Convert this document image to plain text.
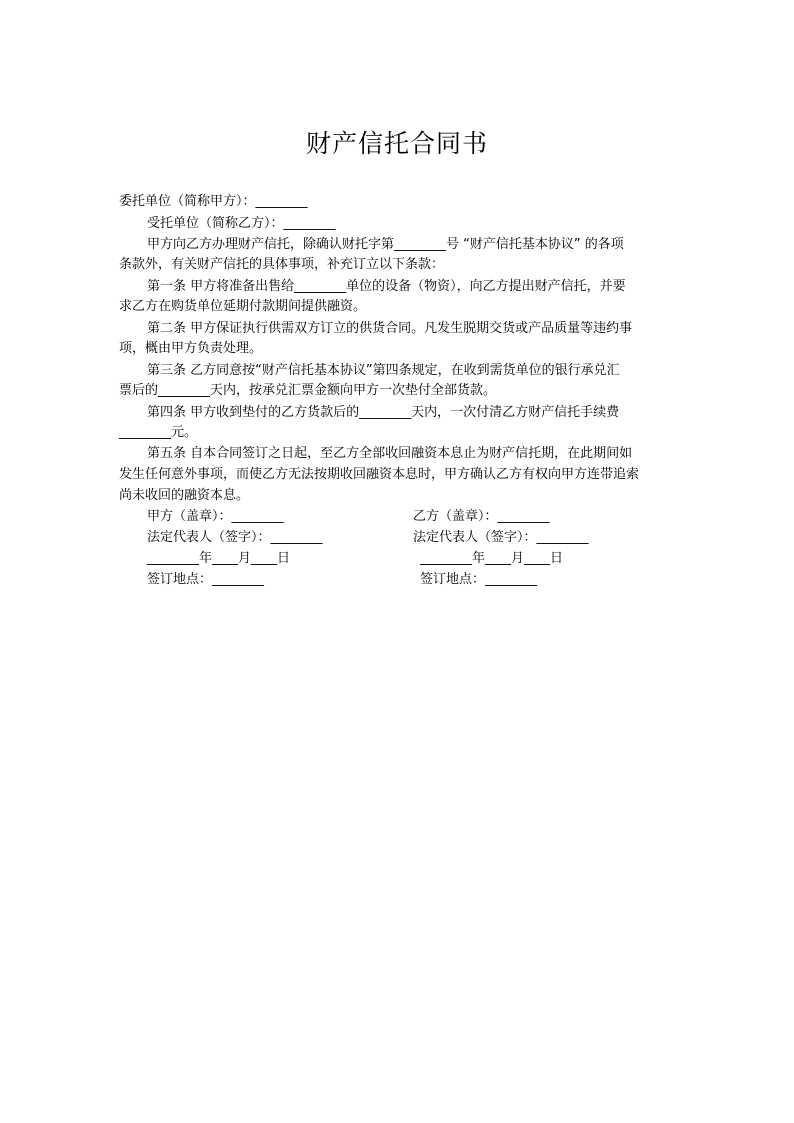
财产信托合同书
委托单位（简称甲方）：________
受托单位（简称乙方）：________
甲方向乙方办理财产信托，除确认财托字第________号 “财产信托基本协议” 的各项
条款外，有关财产信托的具体事项，补充订立以下条款：
第一条 甲方将准备出售给________单位的设备（物资），向乙方提出财产信托，并要
求乙方在购货单位延期付款期间提供融资。
第二条 甲方保证执行供需双方订立的供货合同。凡发生脱期交货或产品质量等违约事
项，概由甲方负责处理。
第三条 乙方同意按“财产信托基本协议”第四条规定，在收到需货单位的银行承兑汇
票后的________天内，按承兑汇票金额向甲方一次垫付全部货款。
第四条 甲方收到垫付的乙方货款后的________天内，一次付清乙方财产信托手续费
________元。
第五条 自本合同签订之日起，至乙方全部收回融资本息止为财产信托期，在此期间如
发生任何意外事项，而使乙方无法按期收回融资本息时，甲方确认乙方有权向甲方连带追索
尚未收回的融资本息。
甲方（盖章）：________
法定代表人（签字）：________
________年____月____日
签订地点：________
乙方（盖章）：________
法定代表人（签字）：________
________年____月____日
签订地点：________
